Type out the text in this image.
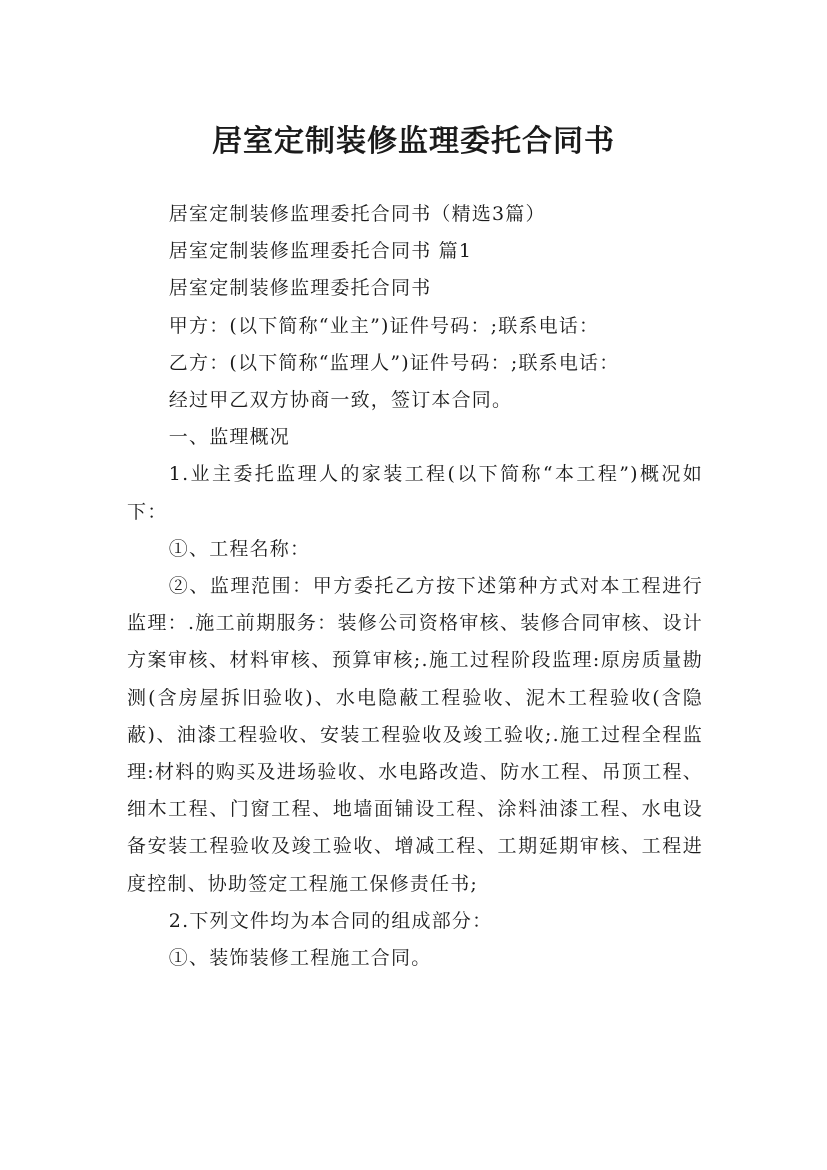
居室定制装修监理委托合同书

居室定制装修监理委托合同书（精选3篇）

居室定制装修监理委托合同书 篇1

居室定制装修监理委托合同书

甲方：(以下简称“业主”)证件号码：;联系电话：

乙方：(以下简称“监理人”)证件号码：;联系电话：

经过甲乙双方协商一致，签订本合同。

一、监理概况

1.业主委托监理人的家装工程(以下简称“本工程”)概况如下：

①、工程名称：

②、监理范围：甲方委托乙方按下述第种方式对本工程进行监理：.施工前期服务：装修公司资格审核、装修合同审核、设计方案审核、材料审核、预算审核;.施工过程阶段监理:原房质量勘测(含房屋拆旧验收)、水电隐蔽工程验收、泥木工程验收(含隐蔽)、油漆工程验收、安装工程验收及竣工验收;.施工过程全程监理:材料的购买及进场验收、水电路改造、防水工程、吊顶工程、细木工程、门窗工程、地墙面铺设工程、涂料油漆工程、水电设备安装工程验收及竣工验收、增减工程、工期延期审核、工程进度控制、协助签定工程施工保修责任书;

2.下列文件均为本合同的组成部分：

①、装饰装修工程施工合同。
